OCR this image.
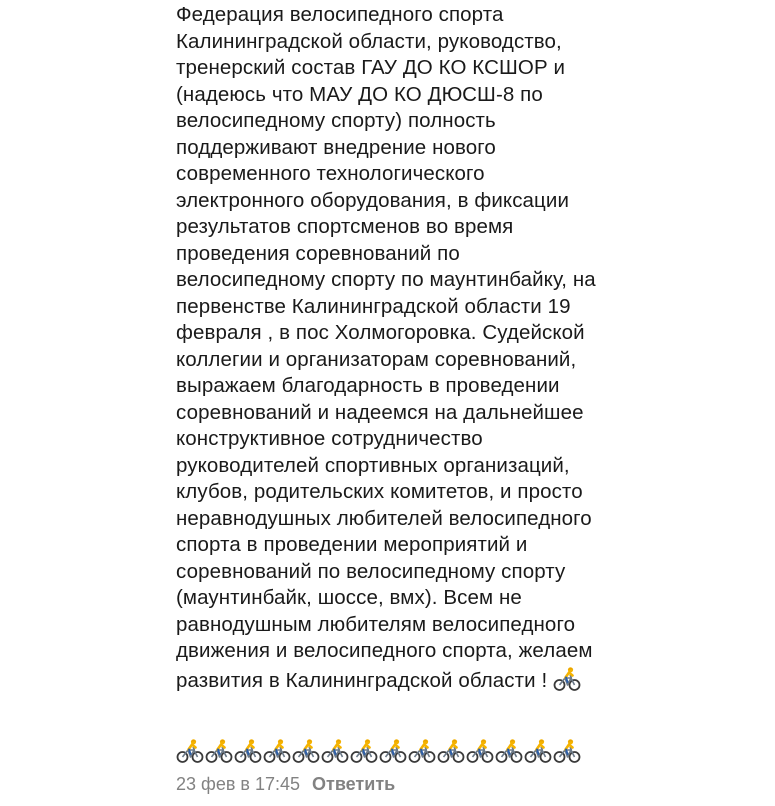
Федерация велосипедного спорта
Калининградской области, руководство,
тренерский состав ГАУ ДО КО КСШОР и
(надеюсь что МАУ ДО КО ДЮСШ-8 по
велосипедному спорту) полность
поддерживают внедрение нового
современного технологического
электронного оборудования, в фиксации
результатов спортсменов во время
проведения соревнований по
велосипедному спорту по маунтинбайку, на
первенстве Калининградской области 19
февраля , в пос Холмогоровка. Судейской
коллегии и организаторам соревнований,
выражаем благодарность в проведении
соревнований и надеемся на дальнейшее
конструктивное сотрудничество
руководителей спортивных организаций,
клубов, родительских комитетов, и просто
неравнодушных любителей велосипедного
спорта в проведении мероприятий и
соревнований по велосипедному спорту
(маунтинбайк, шоссе, вмх). Всем не
равнодушным любителям велосипедного
движения и велосипедного спорта, желаем
развития в Калининградской области !
23 фев в 17:45 Ответить
